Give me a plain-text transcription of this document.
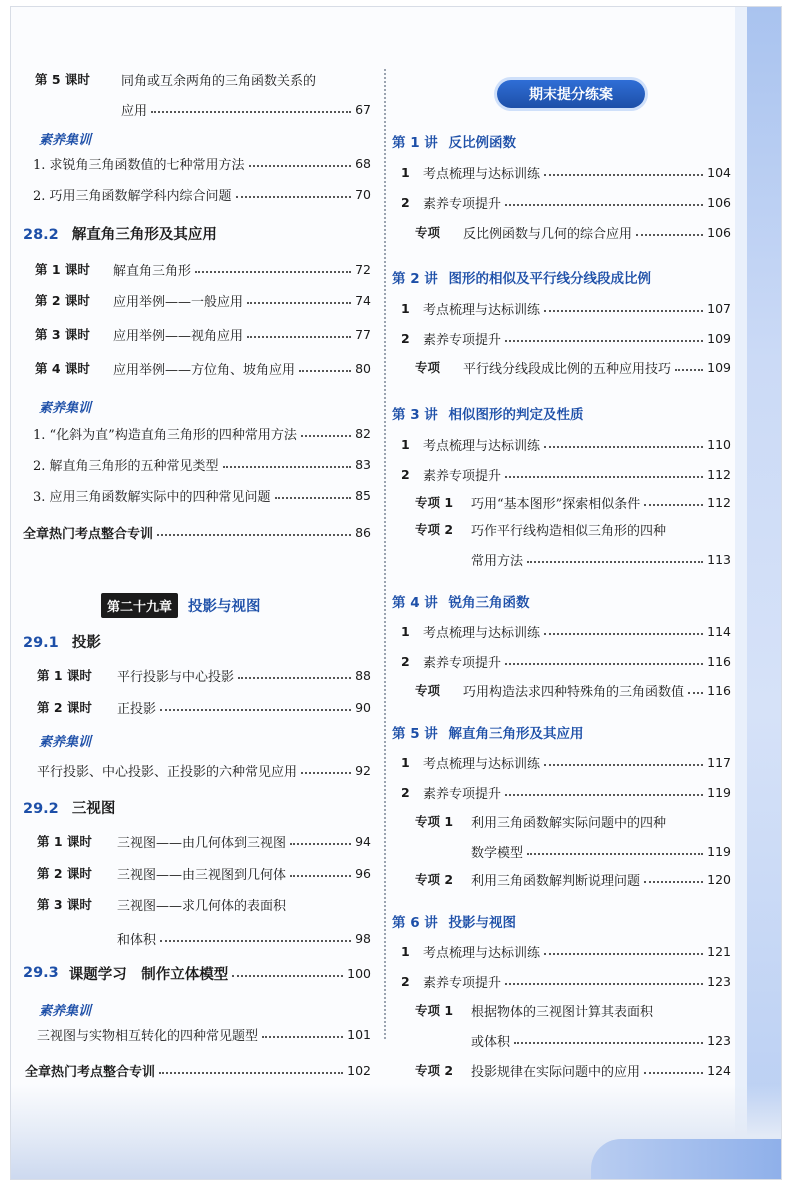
第 5 课时	同角或互余两角的三角函数关系的
应用	67
素养集训
1. 求锐角三角函数值的七种常用方法	68
2. 巧用三角函数解学科内综合问题	70
28.2 解直角三角形及其应用
第 1 课时	解直角三角形	72
第 2 课时	应用举例——一般应用	74
第 3 课时	应用举例——视角应用	77
第 4 课时	应用举例——方位角、坡角应用	80
素养集训
1. “化斜为直”构造直角三角形的四种常用方法	82
2. 解直角三角形的五种常见类型	83
3. 应用三角函数解实际中的四种常见问题	85
全章热门考点整合专训	86
第二十九章	投影与视图
29.1 投影
第 1 课时	平行投影与中心投影	88
第 2 课时	正投影	90
素养集训
平行投影、中心投影、正投影的六种常见应用	92
29.2 三视图
第 1 课时	三视图——由几何体到三视图	94
第 2 课时	三视图——由三视图到几何体	96
第 3 课时	三视图——求几何体的表面积
和体积	98
29.3 课题学习　制作立体模型	100
素养集训
三视图与实物相互转化的四种常见题型	101
全章热门考点整合专训	102
期末提分练案
第 1 讲 反比例函数
1	考点梳理与达标训练	104
2	素养专项提升	106
专项	反比例函数与几何的综合应用	106
第 2 讲 图形的相似及平行线分线段成比例
1	考点梳理与达标训练	107
2	素养专项提升	109
专项	平行线分线段成比例的五种应用技巧	109
第 3 讲 相似图形的判定及性质
1	考点梳理与达标训练	110
2	素养专项提升	112
专项 1	巧用“基本图形”探索相似条件	112
专项 2	巧作平行线构造相似三角形的四种
常用方法	113
第 4 讲 锐角三角函数
1	考点梳理与达标训练	114
2	素养专项提升	116
专项	巧用构造法求四种特殊角的三角函数值 116
第 5 讲 解直角三角形及其应用
1	考点梳理与达标训练	117
2	素养专项提升	119
专项 1	利用三角函数解实际问题中的四种
数学模型	119
专项 2	利用三角函数解判断说理问题	120
第 6 讲 投影与视图
1	考点梳理与达标训练	121
2	素养专项提升	123
专项 1	根据物体的三视图计算其表面积
或体积	123
专项 2	投影规律在实际问题中的应用	124
